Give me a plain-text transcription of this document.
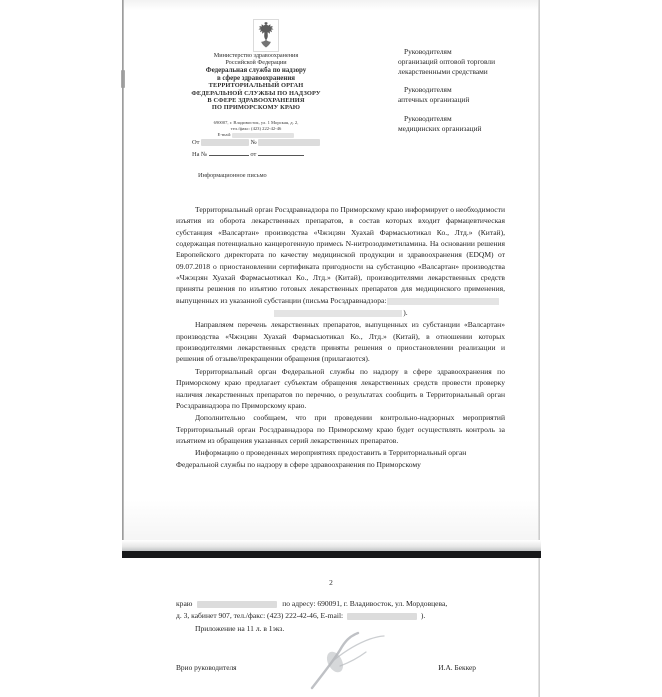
Министерство здравоохранения
Российской Федерации
Федеральная служба по надзору
в сфере здравоохранения
ТЕРРИТОРИАЛЬНЫЙ ОРГАН
ФЕДЕРАЛЬНОЙ СЛУЖБЫ ПО НАДЗОРУ
В СФЕРЕ ЗДРАВООХРАНЕНИЯ
ПО ПРИМОРСКОМУ КРАЮ
690007, г. Владивосток, ул. 1 Морская, д. 2,
тел./факс: (423) 222-42-46
E-mail:
От	№
На №	от
Руководителям
организаций оптовой торговли
лекарственными средствами
Руководителям
аптечных организаций
Руководителям
медицинских организаций
Информационное письмо

Территориальный орган Росздравнадзора по Приморскому краю информирует о необходимости изъятия из оборота лекарственных препаратов, в состав которых входит фармацевтическая субстанция «Валсартан» производства «Чжэцзян Хуахай Фармасьютикал Ко., Лтд.» (Китай), содержащая потенциально канцерогенную примесь N-нитрозодиметиламина. На основании решения Европейского директората по качеству медицинской продукции и здравоохранения (EDQM) от 09.07.2018 о приостановлении сертификата пригодности на субстанцию «Валсартан» производства «Чжэцзян Хуахай Фармасьютикал Ко., Лтд.» (Китай), производителями лекарственных средств приняты решения по изъятию готовых лекарственных препаратов для медицинского применения, выпущенных из указанной субстанции (письма Росздравнадзора:

).

Направляем перечень лекарственных препаратов, выпущенных из субстанции «Валсартан» производства «Чжэцзян Хуахай Фармасьютикал Ко., Лтд.» (Китай), в отношении которых производителями лекарственных средств приняты решения о приостановлении реализации и решения об отзыве/прекращении обращения (прилагаются).

Территориальный орган Федеральной службы по надзору в сфере здравоохранения по Приморскому краю предлагает субъектам обращения лекарственных средств провести проверку наличия лекарственных препаратов по перечню, о результатах сообщить в Территориальный орган Росздравнадзора по Приморскому краю.

Дополнительно сообщаем, что при проведении контрольно-надзорных мероприятий Территориальный орган Росздравнадзора по Приморскому краю будет осуществлять контроль за изъятием из обращения указанных серий лекарственных препаратов.

Информацию о проведенных мероприятиях предоставить в Территориальный орган Федеральной службы по надзору в сфере здравоохранения по Приморскому

2
краю	по адресу: 690091, г. Владивосток, ул. Мордовцева,
д. 3, кабинет 907, тел./факс: (423) 222-42-46, E-mail:	).
Приложение на 11 л. в 1экз.
Врио руководителя	И.А. Беккер
